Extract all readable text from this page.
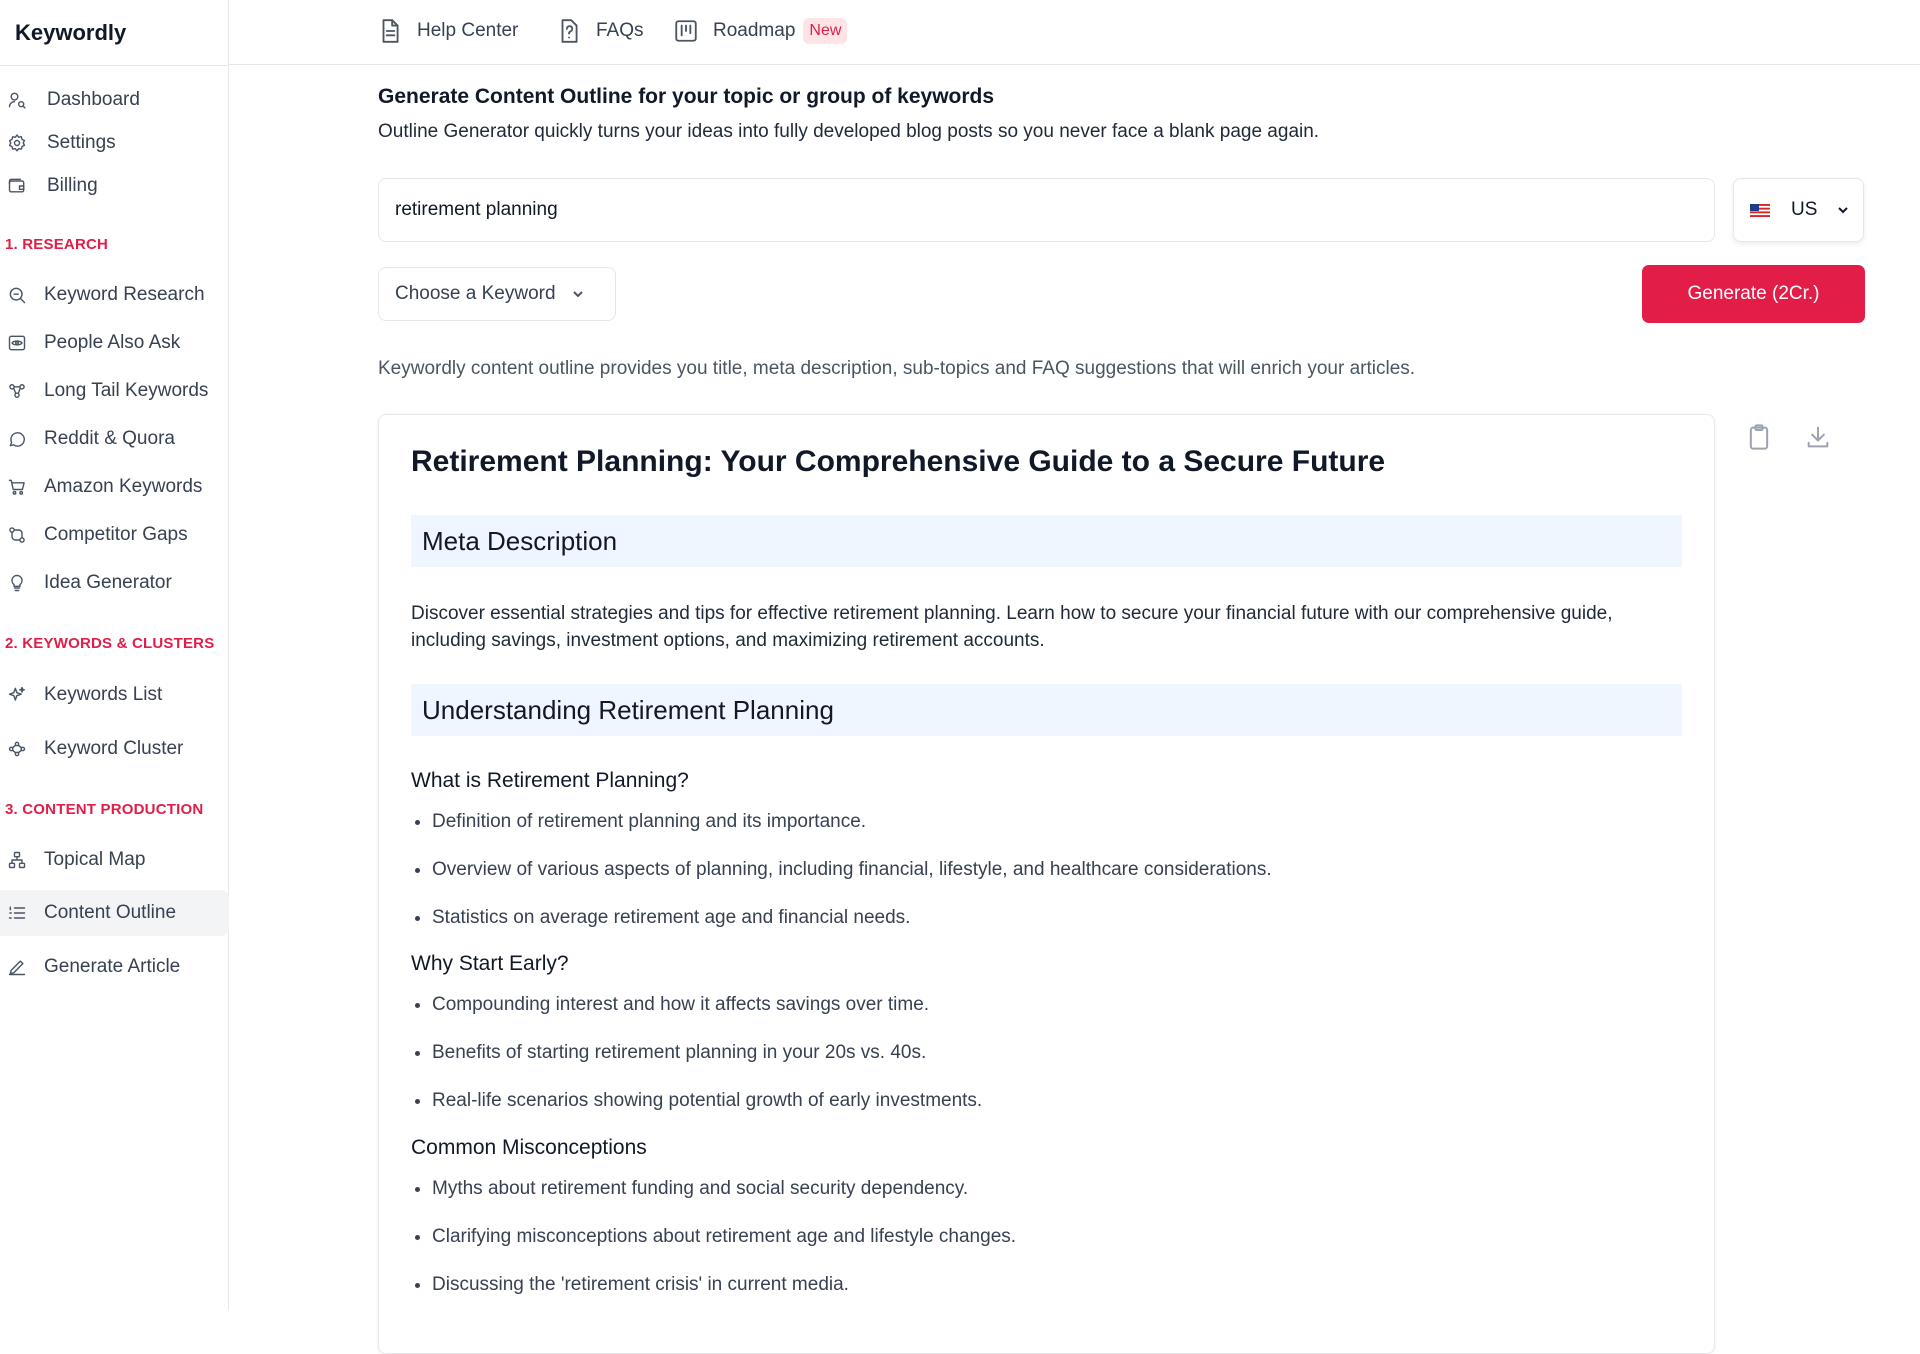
Keywordly
Dashboard
Settings
Billing
1. RESEARCH
Keyword Research
People Also Ask
Long Tail Keywords
Reddit & Quora
Amazon Keywords
Competitor Gaps
Idea Generator
2. KEYWORDS & CLUSTERS
Keywords List
Keyword Cluster
3. CONTENT PRODUCTION
Topical Map
Content Outline
Generate Article
Help Center	FAQs	Roadmap New
Generate Content Outline for your topic or group of keywords
Outline Generator quickly turns your ideas into fully developed blog posts so you never face a blank page again.
retirement planning
US
Choose a Keyword	Generate (2Cr.)
Keywordly content outline provides you title, meta description, sub-topics and FAQ suggestions that will enrich your articles.
Retirement Planning: Your Comprehensive Guide to a Secure Future
Meta Description
Discover essential strategies and tips for effective retirement planning. Learn how to secure your financial future with our comprehensive guide, including savings, investment options, and maximizing retirement accounts.
Understanding Retirement Planning
What is Retirement Planning?
Definition of retirement planning and its importance.
Overview of various aspects of planning, including financial, lifestyle, and healthcare considerations.
Statistics on average retirement age and financial needs.
Why Start Early?
Compounding interest and how it affects savings over time.
Benefits of starting retirement planning in your 20s vs. 40s.
Real-life scenarios showing potential growth of early investments.
Common Misconceptions
Myths about retirement funding and social security dependency.
Clarifying misconceptions about retirement age and lifestyle changes.
Discussing the 'retirement crisis' in current media.
